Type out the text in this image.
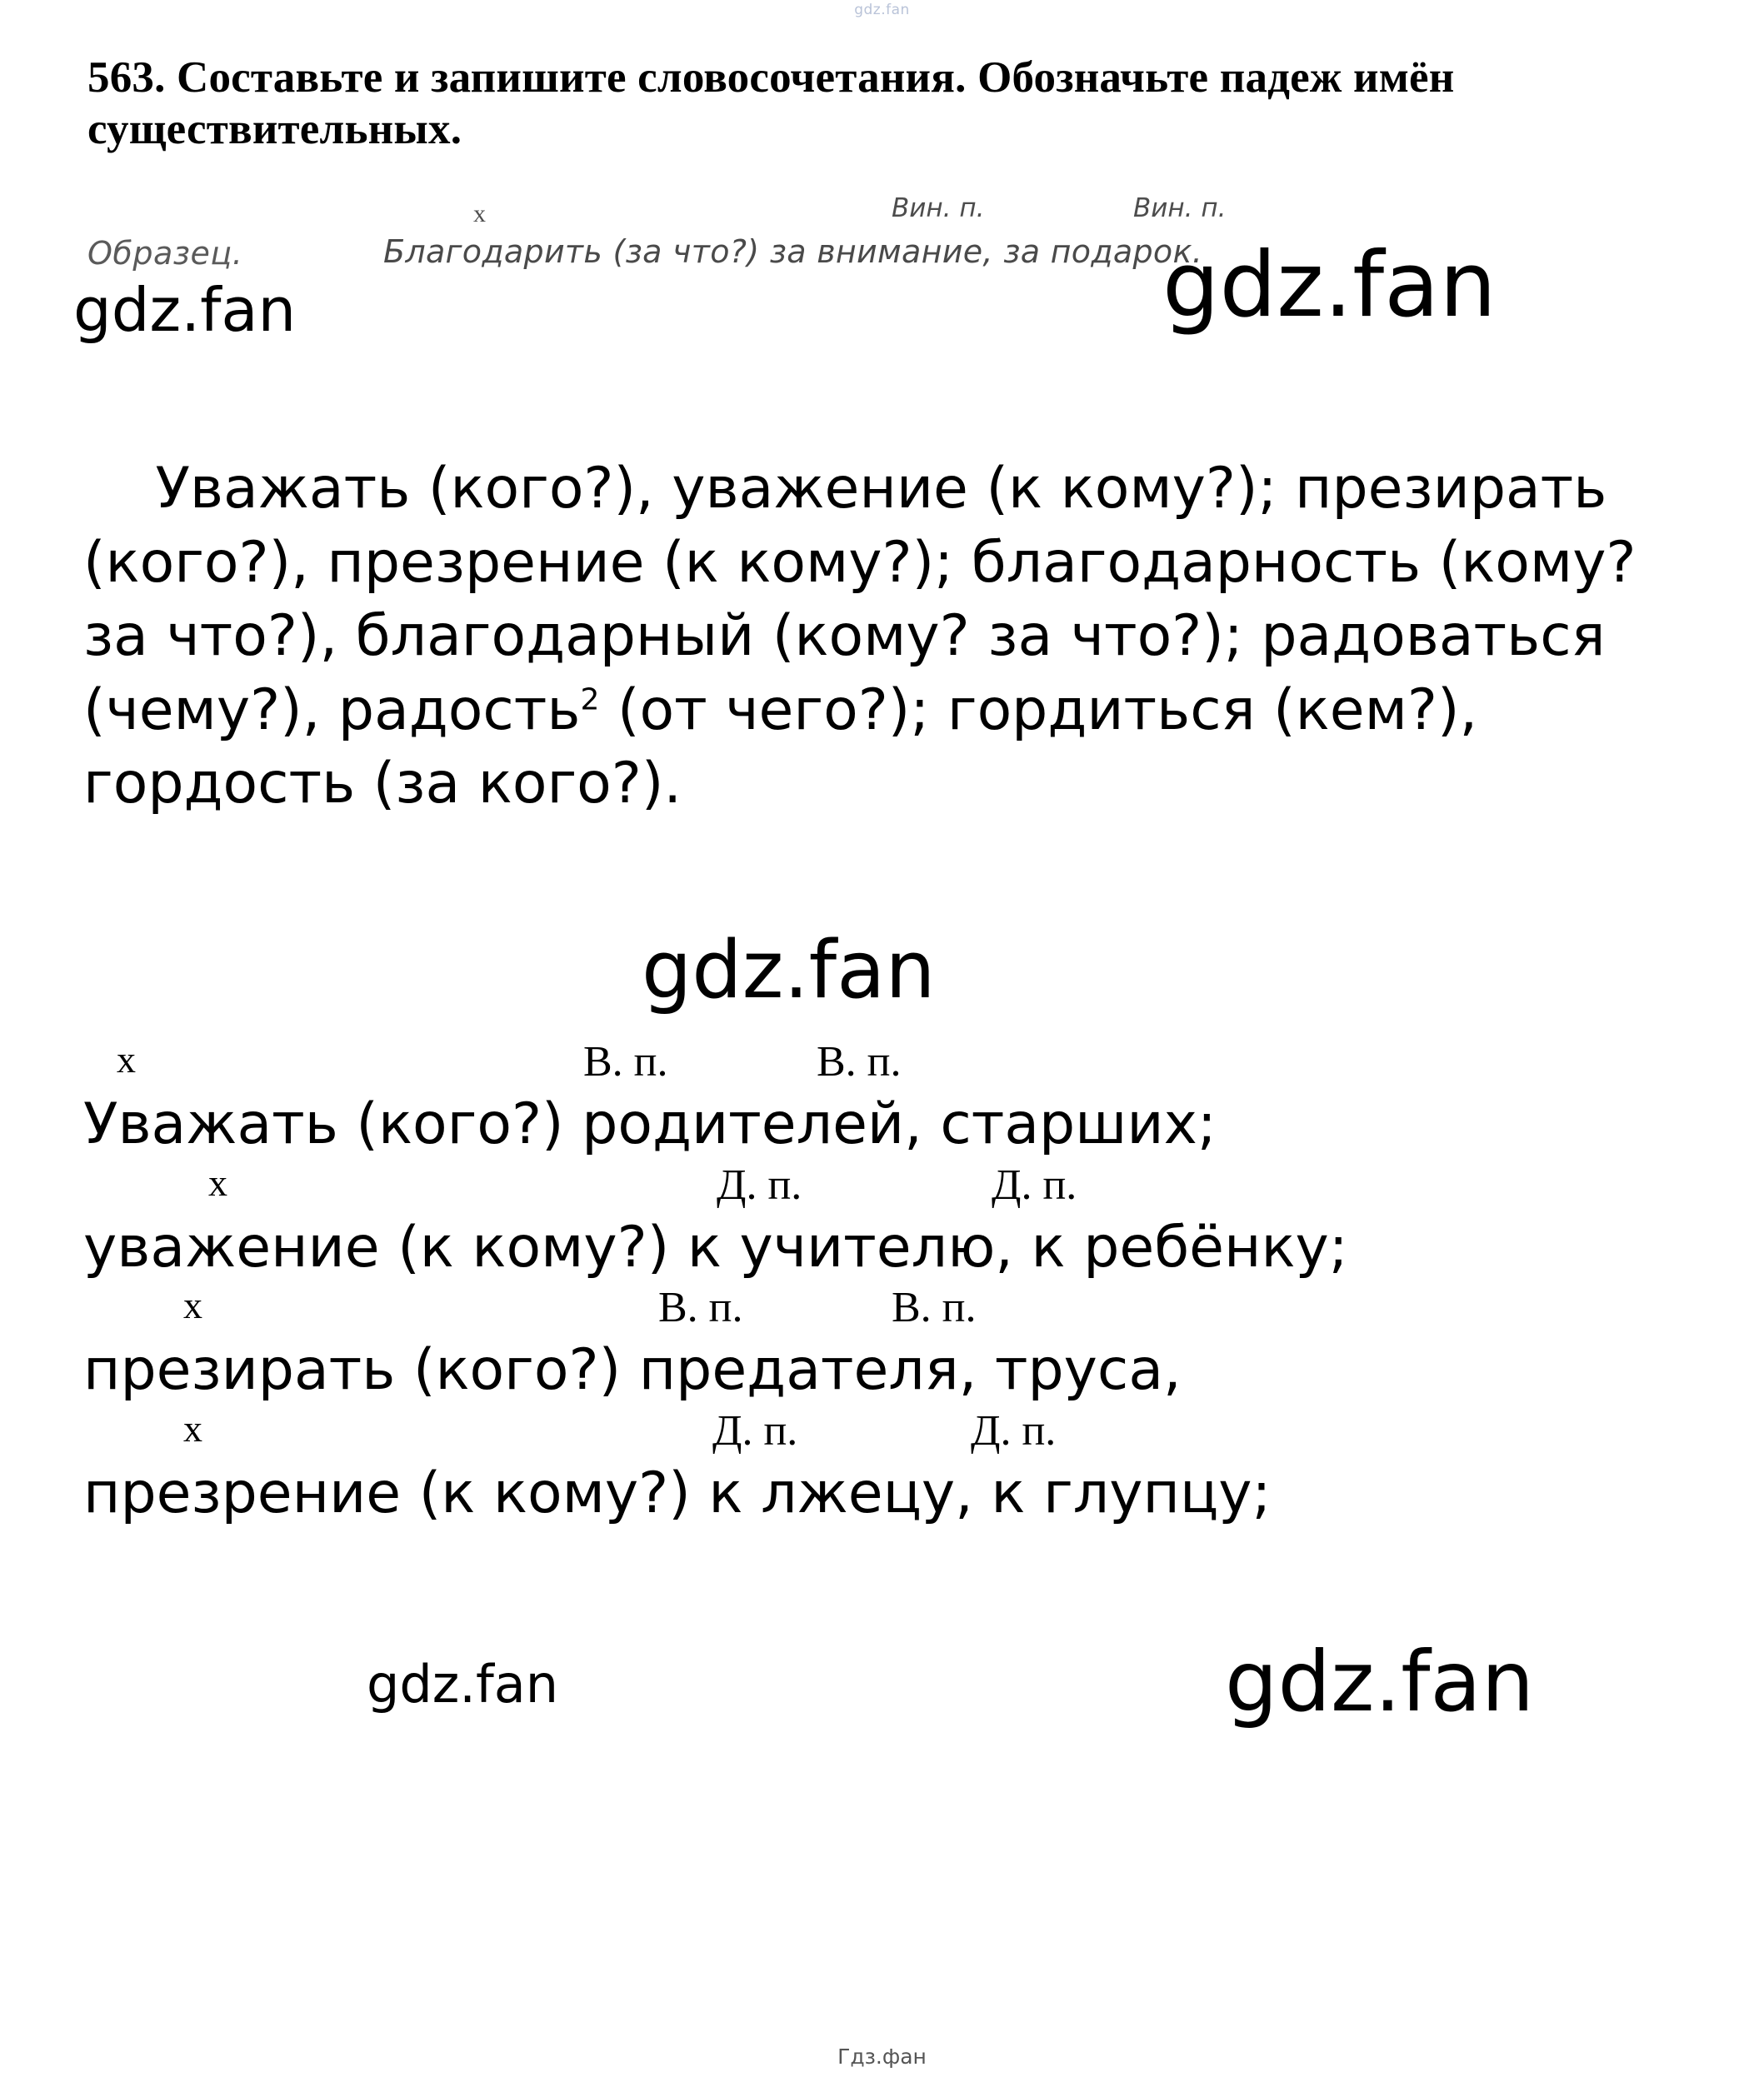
gdz.fan
563. Составьте и запишите словосочетания. Обозначьте падеж имён существительных.
Образец.
х
Благодарить (за что?) за внимание, за подарок.
Вин. п.	Вин. п.
gdz.fan	gdz.fan

Уважать (кого?), уважение (к кому?); презирать (кого?), презрение (к кому?); благодарность (кому? за что?), благодарный (кому? за что?); радоваться (чему?), радость$^2$ (от чего?); гордиться (кем?), гордость (за кого?).

gdz.fan
х	В. п.	В. п.
Уважать (кого?) родителей, старших;
х	Д. п.	Д. п.
уважение (к кому?) к учителю, к ребёнку;
х	В. п.	В. п.
презирать (кого?) предателя, труса,
х	Д. п.	Д. п.
презрение (к кому?) к лжецу, к глупцу;
gdz.fan	gdz.fan
Гдз.фан
